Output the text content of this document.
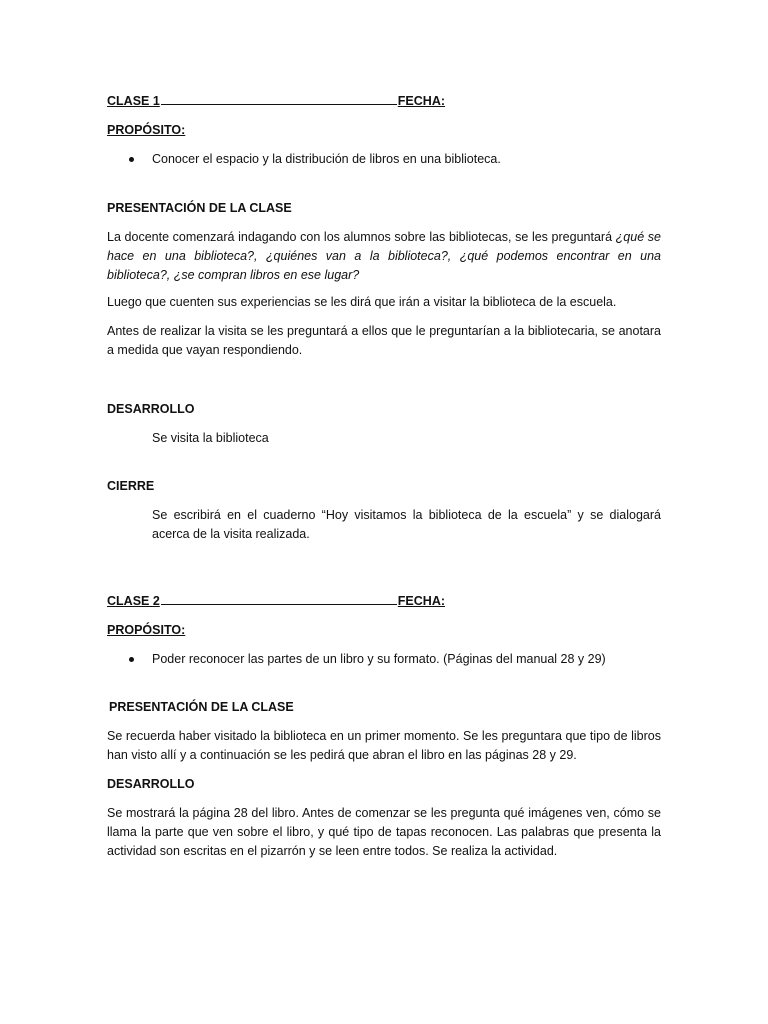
CLASE 1	FECHA:

PROPÓSITO:

Conocer el espacio y la distribución de libros en una biblioteca.

PRESENTACIÓN DE LA CLASE

La docente comenzará indagando con los alumnos sobre las bibliotecas, se les preguntará ¿qué se hace en una biblioteca?, ¿quiénes van a la biblioteca?, ¿qué podemos encontrar en una biblioteca?, ¿se compran libros en ese lugar?

Luego que cuenten sus experiencias se les dirá que irán a visitar la biblioteca de la escuela.

Antes de realizar la visita se les preguntará a ellos que le preguntarían a la bibliotecaria, se anotara a medida que vayan respondiendo.

DESARROLLO

Se visita la biblioteca

CIERRE

Se escribirá en el cuaderno “Hoy visitamos la biblioteca de la escuela” y se dialogará acerca de la visita realizada.

CLASE 2	FECHA:

PROPÓSITO:

Poder reconocer las partes de un libro y su formato. (Páginas del manual 28 y 29)

PRESENTACIÓN DE LA CLASE

Se recuerda haber visitado la biblioteca en un primer momento. Se les preguntara que tipo de libros han visto allí y a continuación se les pedirá que abran el libro en las páginas 28 y 29.

DESARROLLO

Se mostrará la página 28 del libro. Antes de comenzar se les pregunta qué imágenes ven, cómo se llama la parte que ven sobre el libro, y qué tipo de tapas reconocen. Las palabras que presenta la actividad son escritas en el pizarrón y se leen entre todos. Se realiza la actividad.
